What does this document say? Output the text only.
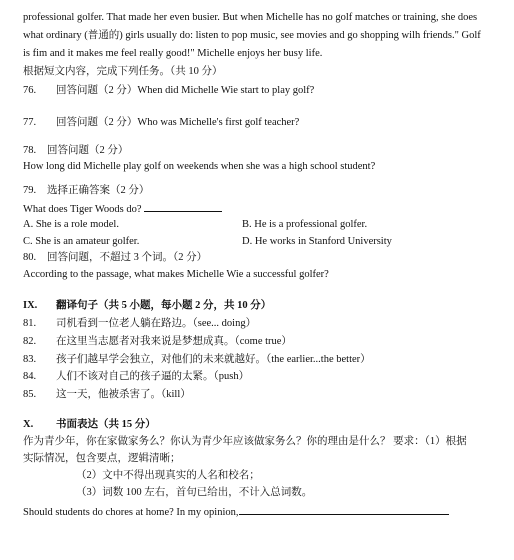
professional golfer. That made her even busier. But when Michelle has no golf matches or training, she does
what ordinary (普通的) girls usually do: listen to pop music, see movies and go shopping wilh friends." Golf
is fim and it makes me feel really good!" Michelle enjoys her busy life.
根据短文内容，完成下列任务。（共 10 分）
76. 回答问题（2 分）When did Michelle Wie start to play golf?
77. 回答问题（2 分）Who was Michelle's first golf teacher?
78. 回答问题（2 分）
How long did Michelle play golf on weekends when she was a high school student?
79. 选择正确答案（2 分）
What does Tiger Woods do?
A. She is a role model.	B. He is a professional golfer.
C. She is an amateur golfer.	D. He works in Stanford University
80. 回答问题，不超过 3 个词。（2 分）
According to the passage, what makes Michelle Wie a successful golfer?
IX. 翻译句子（共 5 小题，每小题 2 分，共 10 分）
81. 司机看到一位老人躺在路边。（see... doing）
82. 在这里当志愿者对我来说是梦想成真。（come true）
83. 孩子们越早学会独立，对他们的未来就越好。（the earlier...the better）
84. 人们不该对自己的孩子逼的太紧。（push）
85. 这一天，他被杀害了。（kill）
X. 书面表达（共 15 分）
作为青少年，你在家做家务么？你认为青少年应该做家务么？你的理由是什么？ 要求：（1）根据
实际情况，包含要点，逻辑清晰；
（2）文中不得出现真实的人名和校名；
（3）词数 100 左右，首句已给出，不计入总词数。
Should students do chores at home? In my opinion,
